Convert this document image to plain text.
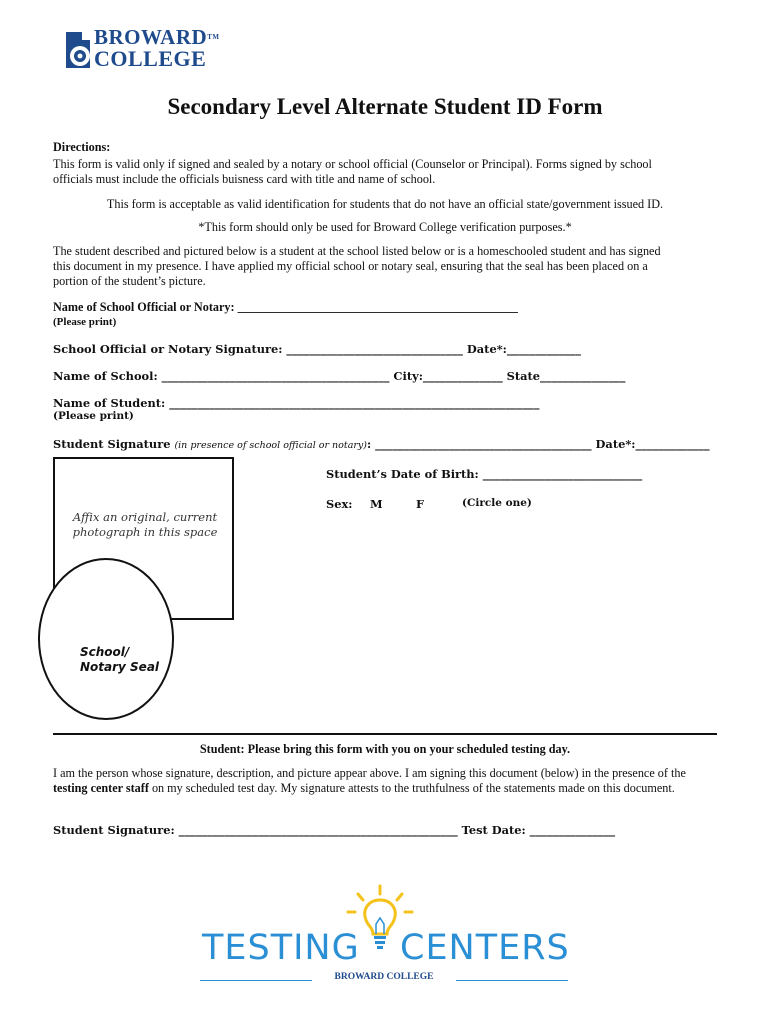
BROWARD™
COLLEGE
Secondary Level Alternate Student ID Form
Directions:
This form is valid only if signed and sealed by a notary or school official (Counselor or Principal). Forms signed by school
officials must include the officials buisness card with title and name of school.
This form is acceptable as valid identification for students that do not have an official state/government issued ID.
*This form should only be used for Broward College verification purposes.*
The student described and pictured below is a student at the school listed below or is a homeschooled student and has signed
this document in my presence. I have applied my official school or notary seal, ensuring that the seal has been placed on a
portion of the student’s picture.
Name of School Official or Notary: ______________________________________________
(Please print)
School Official or Notary Signature: _______________________________ Date*:_____________
Name of School: ________________________________________ City:______________ State_______________
Name of Student: _________________________________________________________________
(Please print)
Student Signature (in presence of school official or notary): ______________________________________ Date*:_____________
Student’s Date of Birth: ____________________________
Sex: M	F	(Circle one)
Affix an original, current
photograph in this space
School/
Notary Seal
Student: Please bring this form with you on your scheduled testing day.
I am the person whose signature, description, and picture appear above. I am signing this document (below) in the presence of the
testing center staff on my scheduled test day. My signature attests to the truthfulness of the statements made on this document.
Student Signature: _________________________________________________ Test Date: _______________
TESTING CENTERS
BROWARD COLLEGE
